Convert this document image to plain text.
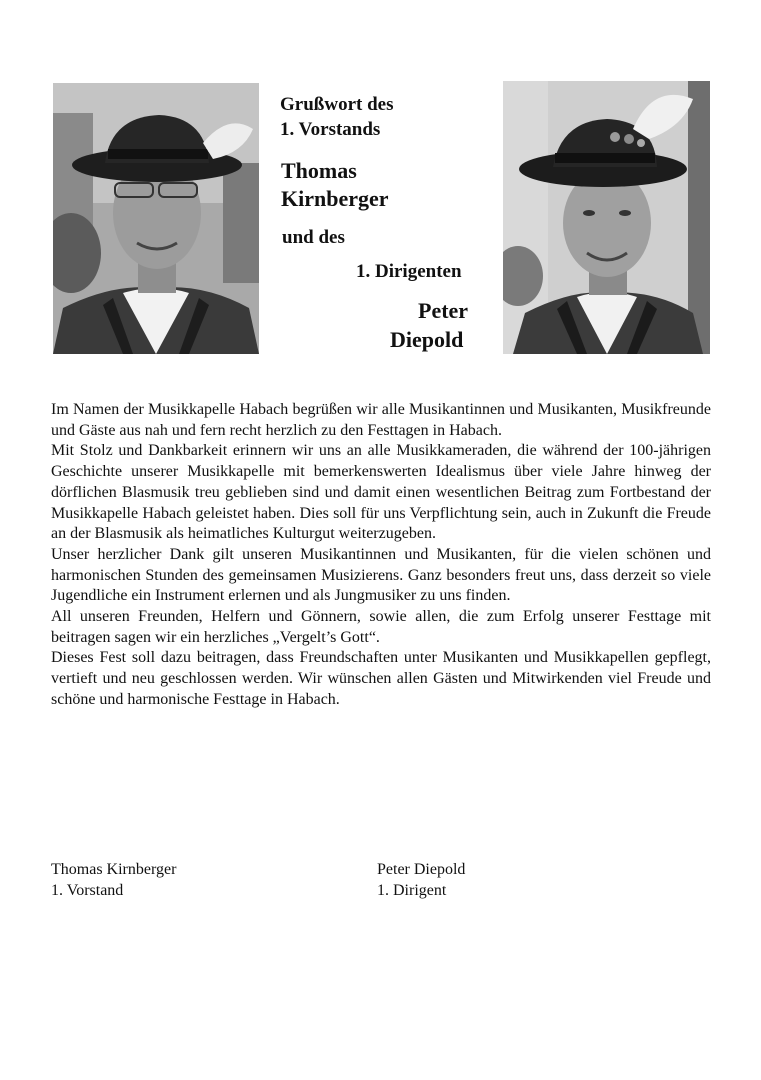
Grußwort des
1. Vorstands
Thomas
Kirnberger
und des
1. Dirigenten
Peter
Diepold

Im Namen der Musikkapelle Habach begrüßen wir alle Musikantinnen und Musikanten, Musikfreunde und Gäste aus nah und fern recht herzlich zu den Festtagen in Habach.

Mit Stolz und Dankbarkeit erinnern wir uns an alle Musikkameraden, die während der 100-jährigen Geschichte unserer Musikkapelle mit bemerkenswerten Idealismus über viele Jahre hinweg der dörflichen Blasmusik treu geblieben sind und damit einen wesentlichen Beitrag zum Fortbestand der Musikkapelle Habach geleistet haben. Dies soll für uns Verpflichtung sein, auch in Zukunft die Freude an der Blasmusik als heimatliches Kulturgut weiterzugeben.

Unser herzlicher Dank gilt unseren Musikantinnen und Musikanten, für die vielen schönen und harmonischen Stunden des gemeinsamen Musizierens. Ganz besonders freut uns, dass derzeit so viele Jugendliche ein Instrument erlernen und als Jungmusiker zu uns finden.

All unseren Freunden, Helfern und Gönnern, sowie allen, die zum Erfolg unserer Festtage mit beitragen sagen wir ein herzliches „Vergelt’s Gott“.

Dieses Fest soll dazu beitragen, dass Freundschaften unter Musikanten und Musikkapellen gepflegt, vertieft und neu geschlossen werden. Wir wünschen allen Gästen und Mitwirkenden viel Freude und schöne und harmonische Festtage in Habach.

Thomas Kirnberger
1. Vorstand
Peter Diepold
1. Dirigent
